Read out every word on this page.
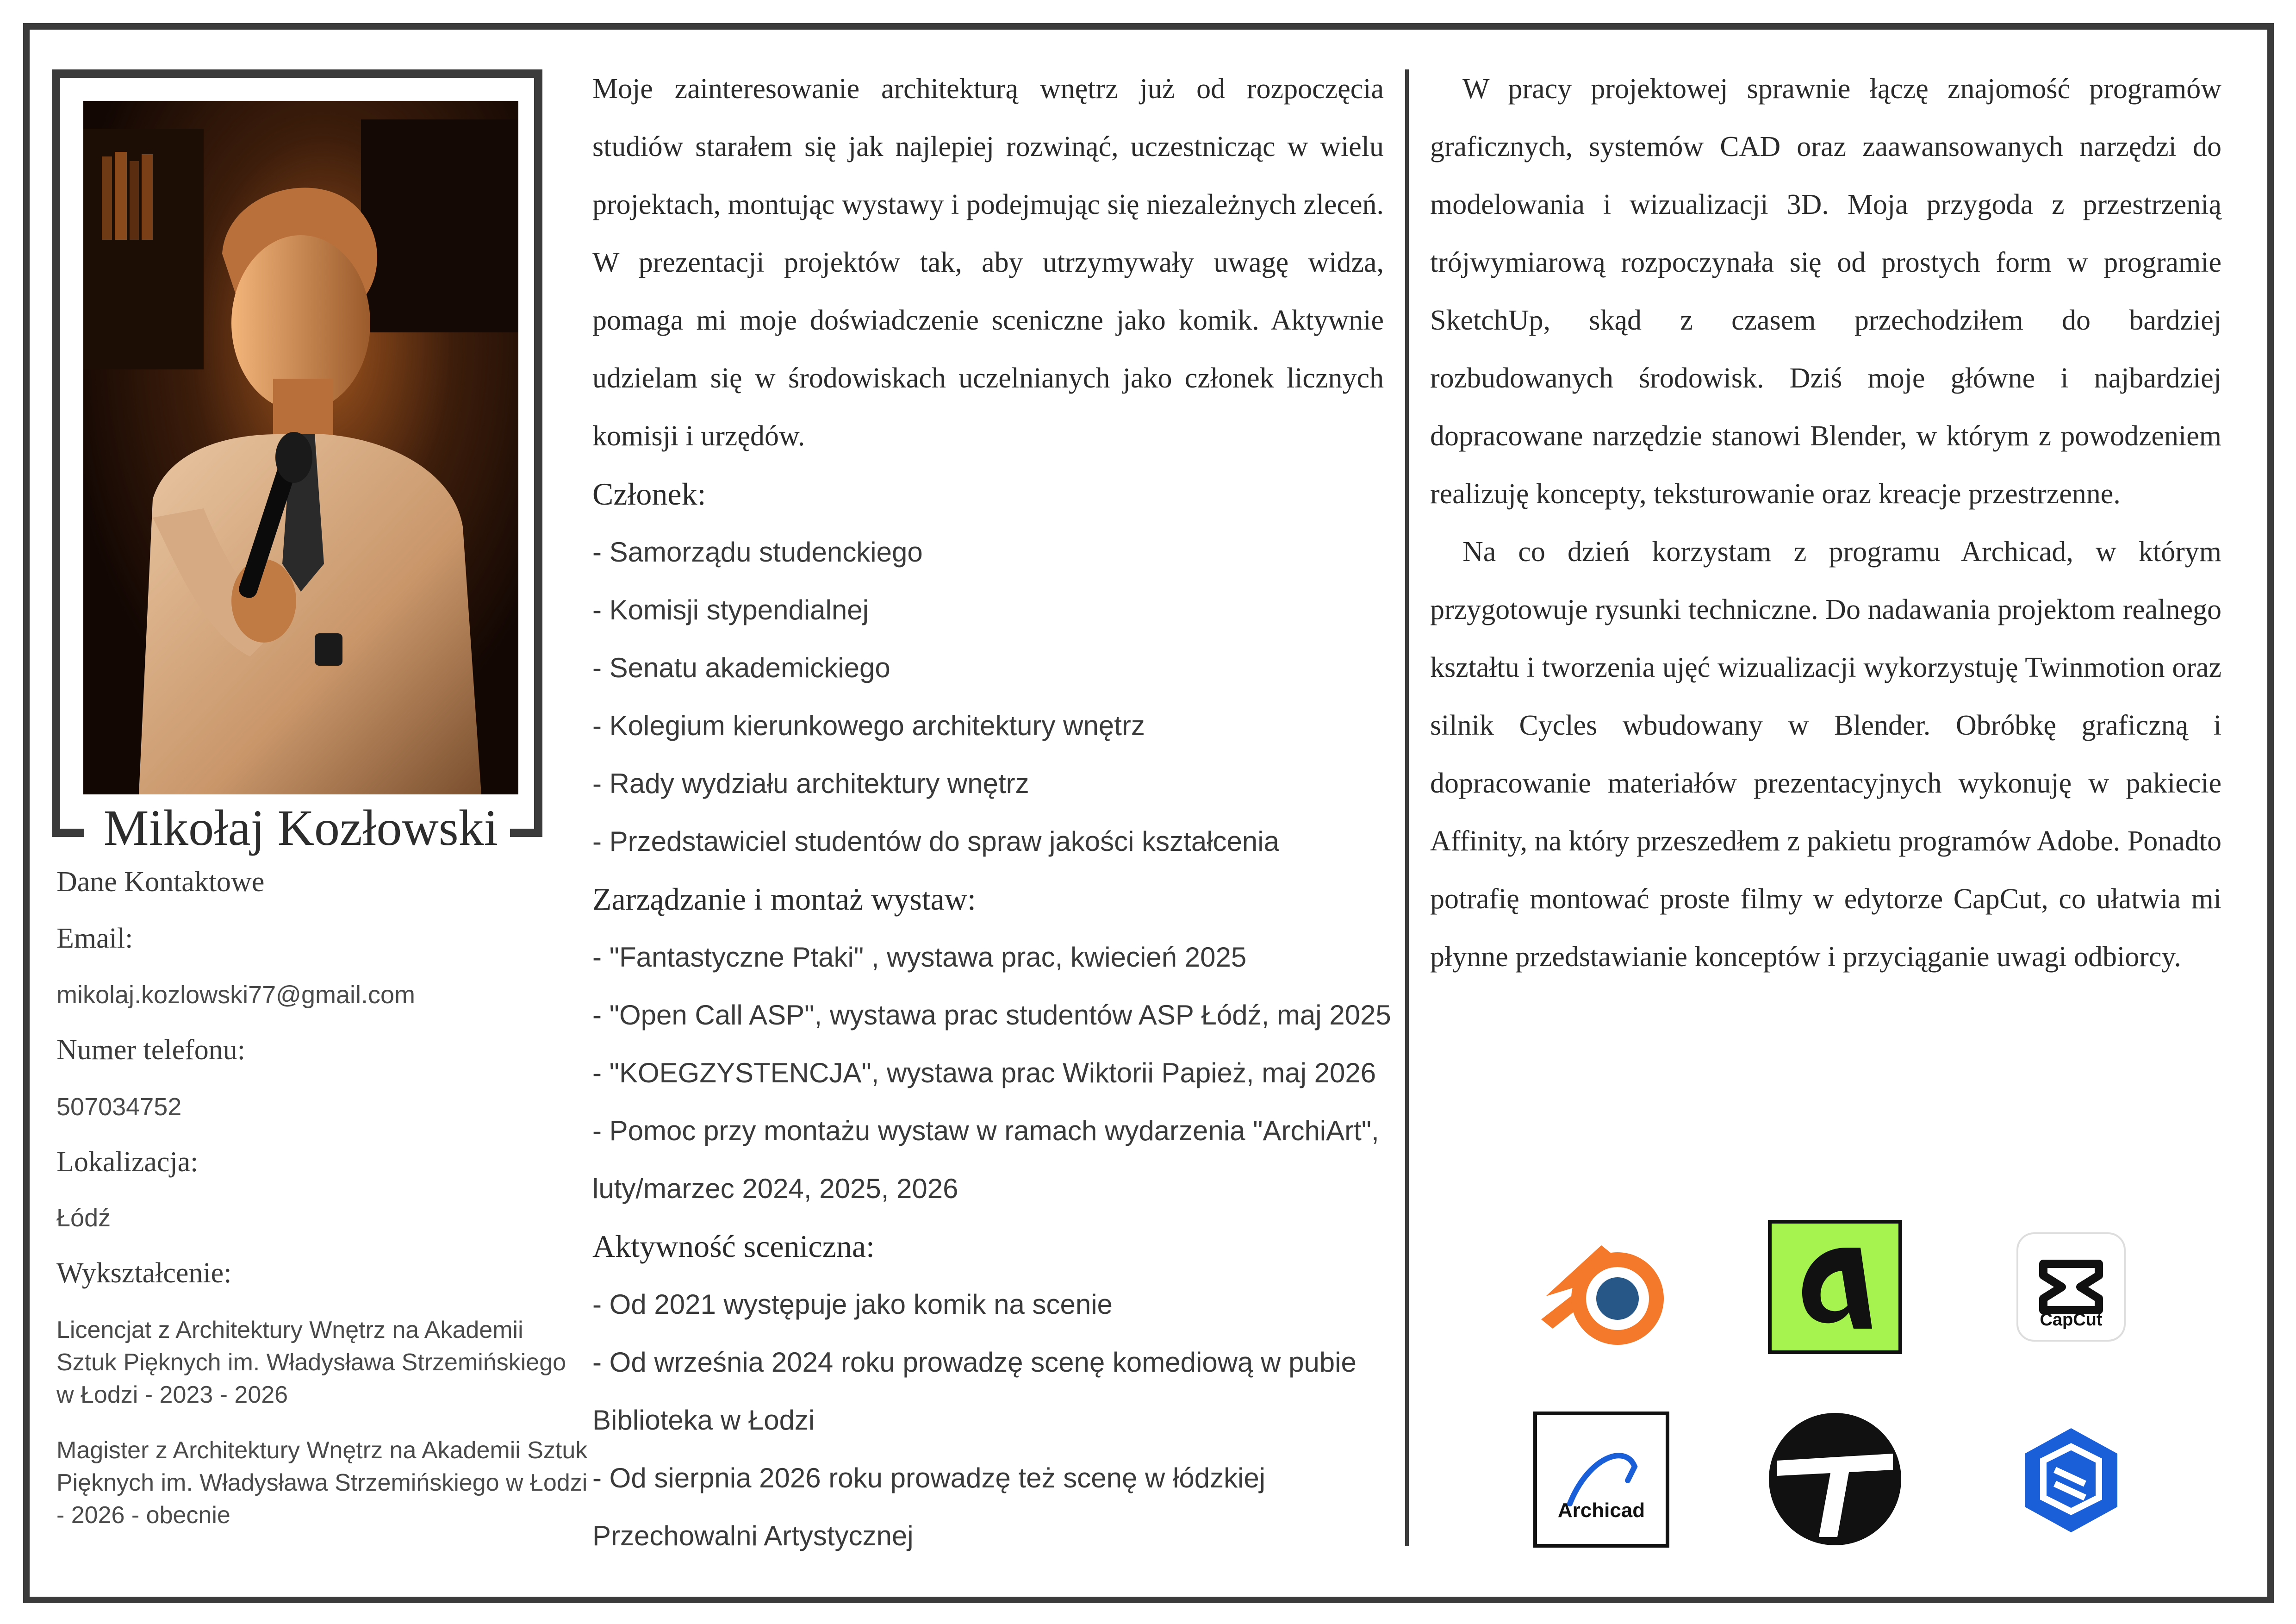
Mikołaj Kozłowski
Dane Kontaktowe
Email:
mikolaj.kozlowski77@gmail.com
Numer telefonu:
507034752
Lokalizacja:
Łódź
Wykształcenie:
Licencjat z Architektury Wnętrz na Akademii Sztuk Pięknych im. Władysława Strzemińskiego w Łodzi - 2023 - 2026
Magister z Architektury Wnętrz na Akademii Sztuk Pięknych im. Władysława Strzemińskiego w Łodzi - 2026 - obecnie

Moje zainteresowanie architekturą wnętrz już od rozpoczęcia studiów starałem się jak najlepiej rozwinąć, uczestnicząc w wielu projektach, montując wystawy i podejmując się niezależnych zleceń. W prezentacji projektów tak, aby utrzymywały uwagę widza, pomaga mi moje doświadczenie sceniczne jako komik. Aktywnie udzielam się w środowiskach uczelnianych jako członek licznych komisji i urzędów.

Członek:

- Samorządu studenckiego

- Komisji stypendialnej

- Senatu akademickiego

- Kolegium kierunkowego architektury wnętrz

- Rady wydziału architektury wnętrz

- Przedstawiciel studentów do spraw jakości kształcenia

Zarządzanie i montaż wystaw:

- "Fantastyczne Ptaki" , wystawa prac, kwiecień 2025

- "Open Call ASP", wystawa prac studentów ASP Łódź, maj 2025

- "KOEGZYSTENCJA", wystawa prac Wiktorii Papież, maj 2026

- Pomoc przy montażu wystaw w ramach wydarzenia "ArchiArt", luty/marzec 2024, 2025, 2026

Aktywność sceniczna:

- Od 2021 występuje jako komik na scenie

- Od września 2024 roku prowadzę scenę komediową w pubie Biblioteka w Łodzi

- Od sierpnia 2026 roku prowadzę też scenę w łódzkiej Przechowalni Artystycznej

W pracy projektowej sprawnie łączę znajomość programów graficznych, systemów CAD oraz zaawansowanych narzędzi do modelowania i wizualizacji 3D. Moja przygoda z przestrzenią trójwymiarową rozpoczynała się od prostych form w programie SketchUp, skąd z czasem przechodziłem do bardziej rozbudowanych środowisk. Dziś moje główne i najbardziej dopracowane narzędzie stanowi Blender, w którym z powodzeniem realizuję koncepty, teksturowanie oraz kreacje przestrzenne.

Na co dzień korzystam z programu Archicad, w którym przygotowuje rysunki techniczne. Do nadawania projektom realnego kształtu i tworzenia ujęć wizualizacji wykorzystuję Twinmotion oraz silnik Cycles wbudowany w Blender. Obróbkę graficzną i dopracowanie materiałów prezentacyjnych wykonuję w pakiecie Affinity, na który przeszedłem z pakietu programów Adobe. Ponadto potrafię montować proste filmy w edytorze CapCut, co ułatwia mi płynne przedstawianie konceptów i przyciąganie uwagi odbiorcy.

CapCut
Archicad
